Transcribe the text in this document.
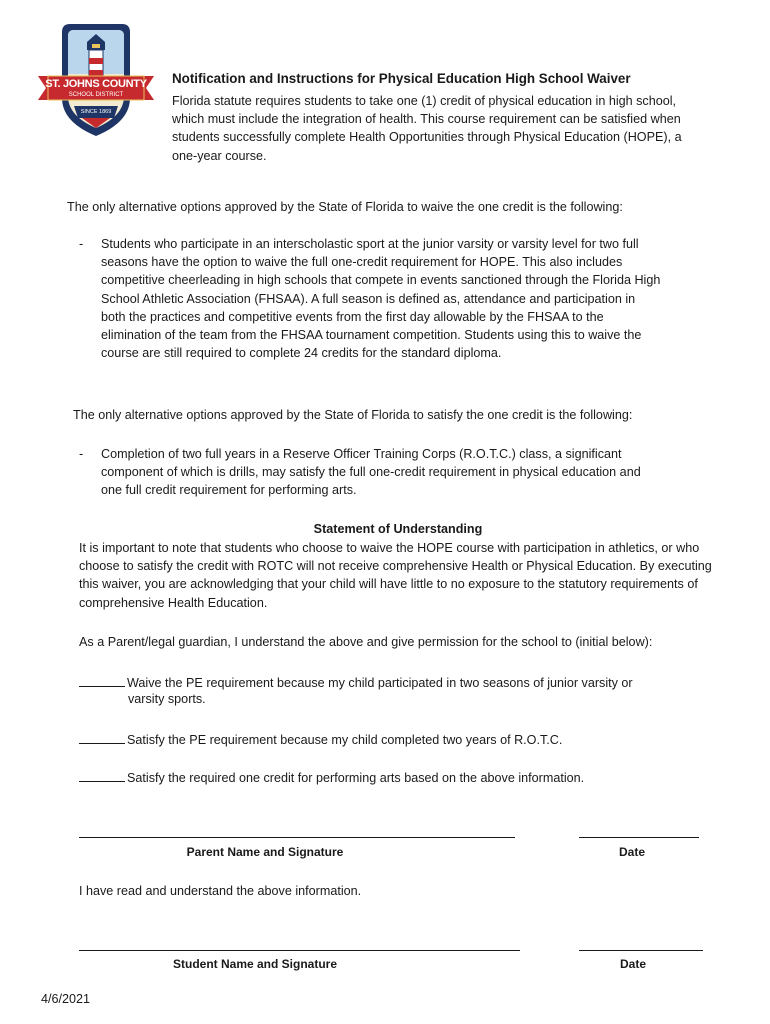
ST. JOHNS COUNTY
SCHOOL DISTRICT
SINCE 1869
Notification and Instructions for Physical Education High School Waiver
Florida statute requires students to take one (1) credit of physical education in high school, which must include the integration of health. This course requirement can be satisfied when students successfully complete Health Opportunities through Physical Education (HOPE), a one-year course.
The only alternative options approved by the State of Florida to waive the one credit is the following:
- Students who participate in an interscholastic sport at the junior varsity or varsity level for two full seasons have the option to waive the full one-credit requirement for HOPE. This also includes competitive cheerleading in high schools that compete in events sanctioned through the Florida High School Athletic Association (FHSAA). A full season is defined as, attendance and participation in both the practices and competitive events from the first day allowable by the FHSAA to the elimination of the team from the FHSAA tournament competition. Students using this to waive the course are still required to complete 24 credits for the standard diploma.
The only alternative options approved by the State of Florida to satisfy the one credit is the following:
- Completion of two full years in a Reserve Officer Training Corps (R.O.T.C.) class, a significant component of which is drills, may satisfy the full one-credit requirement in physical education and one full credit requirement for performing arts.
Statement of Understanding
It is important to note that students who choose to waive the HOPE course with participation in athletics, or who choose to satisfy the credit with ROTC will not receive comprehensive Health or Physical Education. By executing this waiver, you are acknowledging that your child will have little to no exposure to the statutory requirements of comprehensive Health Education.
As a Parent/legal guardian, I understand the above and give permission for the school to (initial below):
Waive the PE requirement because my child participated in two seasons of junior varsity or
varsity sports.
Satisfy the PE requirement because my child completed two years of R.O.T.C.
Satisfy the required one credit for performing arts based on the above information.
Parent Name and Signature	Date
I have read and understand the above information.
Student Name and Signature	Date
4/6/2021
